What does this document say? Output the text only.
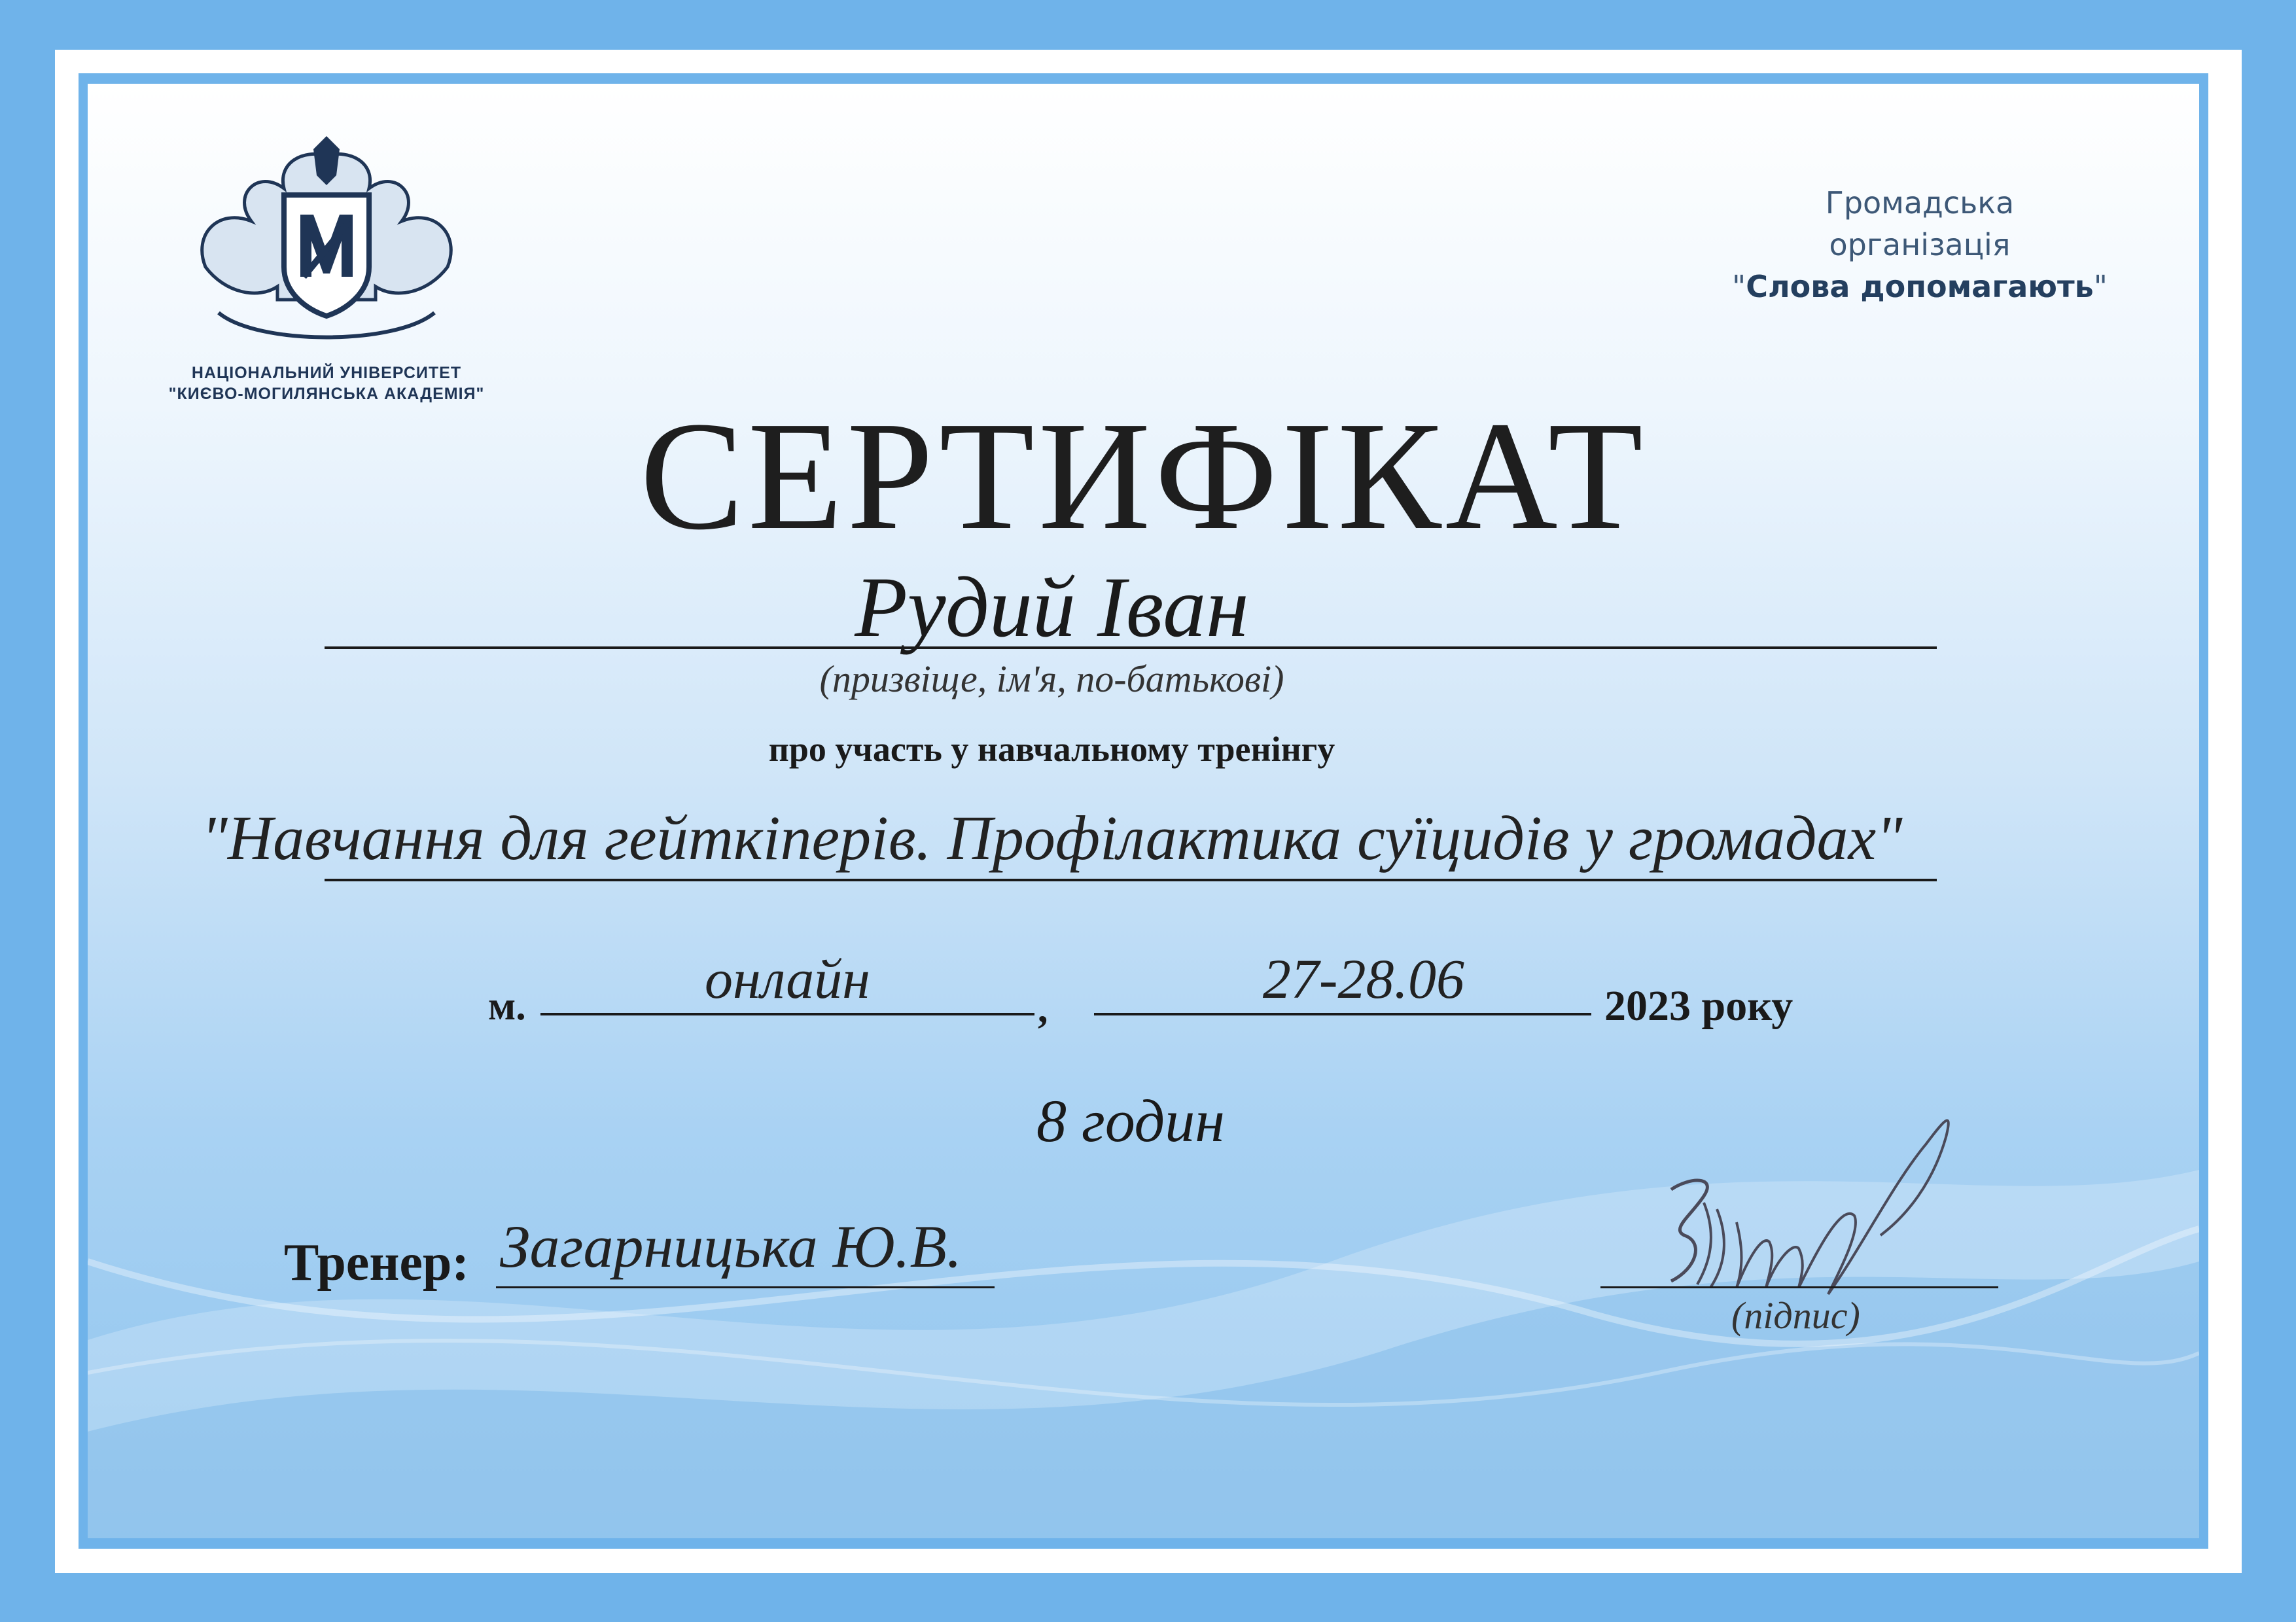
НАЦІОНАЛЬНИЙ УНІВЕРСИТЕТ
"КИЄВО-МОГИЛЯНСЬКА АКАДЕМІЯ"
Громадська
організація
"Слова допомагають"
СЕРТИФІКАТ
Рудий Іван
(призвіще, ім'я, по-батькові)
про участь у навчальному тренінгу
"Навчання для гейткіперів. Профілактика суїцидів у громадах"
м.	онлайн	,	27-28.06	2023 року
8 годин
Тренер: Загарницька Ю.В.
(підпис)
